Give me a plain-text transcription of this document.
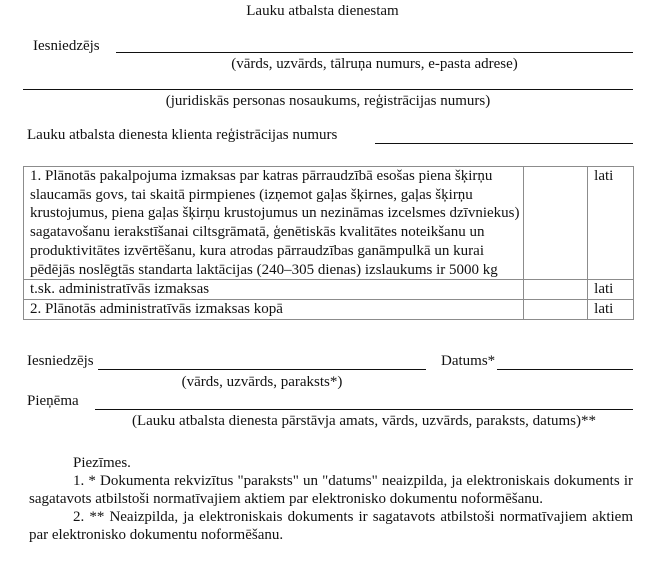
Lauku atbalsta dienestam
Iesniedzējs
(vārds, uzvārds, tālruņa numurs, e-pasta adrese)
(juridiskās personas nosaukums, reģistrācijas numurs)
Lauku atbalsta dienesta klienta reģistrācijas numurs
1. Plānotās pakalpojuma izmaksas par katras pārraudzībā esošas piena šķirņu slaucamās govs, tai skaitā pirmpienes (izņemot gaļas šķirnes, gaļas šķirņu krustojumus, piena gaļas šķirņu krustojumus un nezināmas izcelsmes dzīvniekus) sagatavošanu ierakstīšanai ciltsgrāmatā, ģenētiskās kvalitātes noteikšanu un produktivitātes izvērtēšanu, kura atrodas pārraudzības ganāmpulkā un kurai pēdējās noslēgtās standarta laktācijas (240–305 dienas) izslaukums ir 5000 kg		lati
t.sk. administratīvās izmaksas		lati
2. Plānotās administratīvās izmaksas kopā		lati
Iesniedzējs
(vārds, uzvārds, paraksts*)
Datums*
Pieņēma
(Lauku atbalsta dienesta pārstāvja amats, vārds, uzvārds, paraksts, datums)**

Piezīmes.

1. * Dokumenta rekvizītus "paraksts" un "datums" neaizpilda, ja elektroniskais dokuments ir sagatavots atbilstoši normatīvajiem aktiem par elektronisko dokumentu noformēšanu.

2. ** Neaizpilda, ja elektroniskais dokuments ir sagatavots atbilstoši normatīvajiem aktiem par elektronisko dokumentu noformēšanu.
